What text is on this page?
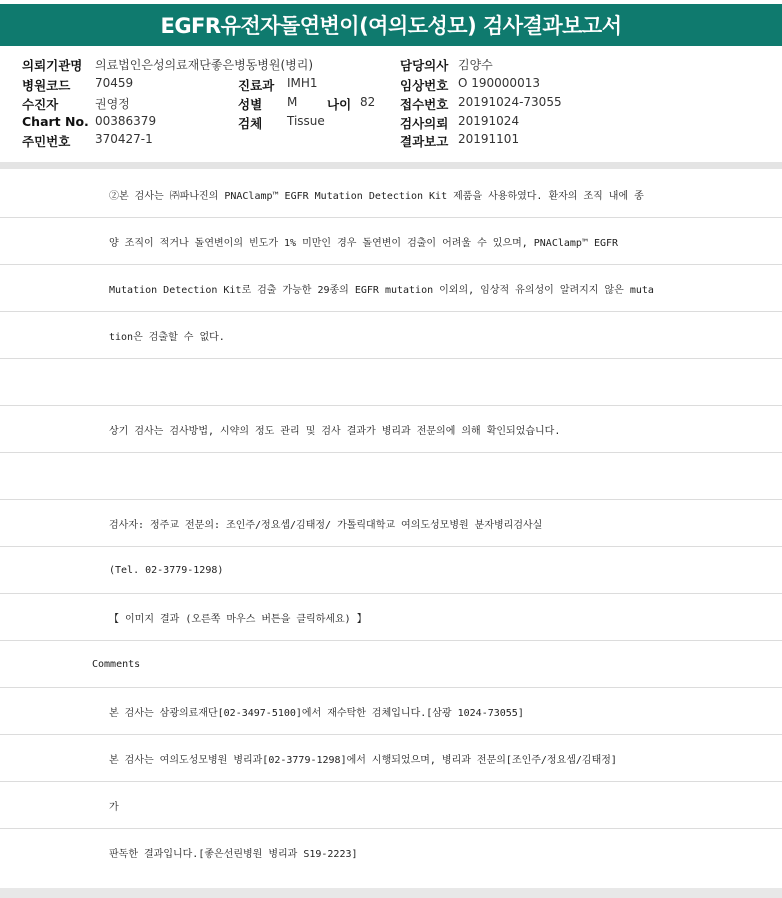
EGFR유전자돌연변이(여의도성모) 검사결과보고서
의뢰기관명 의료법인은성의료재단좋은병동병원(병리)
병원코드 70459
수진자	권영정
Chart No. 00386379
주민번호 370427-1
진료과 IMH1
성별 M 나이 82
검체 Tissue
담당의사 김양수
임상번호 O 190000013
접수번호 20191024-73055
검사의뢰 20191024
결과보고 20191101
②본 검사는 ㈜파나진의 PNAClamp™ EGFR Mutation Detection Kit 제품을 사용하였다. 환자의 조직 내에 종
양 조직이 적거나 돌연변이의 빈도가 1% 미만인 경우 돌연변이 검출이 어려울 수 있으며, PNAClamp™ EGFR
Mutation Detection Kit로 검출 가능한 29종의 EGFR mutation 이외의, 임상적 유의성이 알려지지 않은 muta
tion은 검출할 수 없다.
상기 검사는 검사방법, 시약의 정도 관리 및 검사 결과가 병리과 전문의에 의해 확인되었습니다.
검사자: 정주교 전문의: 조인주/정요셉/김태정/ 가톨릭대학교 여의도성모병원 분자병리검사실
(Tel. 02-3779-1298)
【 이미지 결과 (오른쪽 마우스 버튼을 클릭하세요) 】
Comments
본 검사는 삼광의료재단[02-3497-5100]에서 재수탁한 검체입니다.[삼광 1024-73055]
본 검사는 여의도성모병원 병리과[02-3779-1298]에서 시행되었으며, 병리과 전문의[조인주/정요셉/김태정]
가
판독한 결과입니다.[좋은선린병원 병리과 S19-2223]
